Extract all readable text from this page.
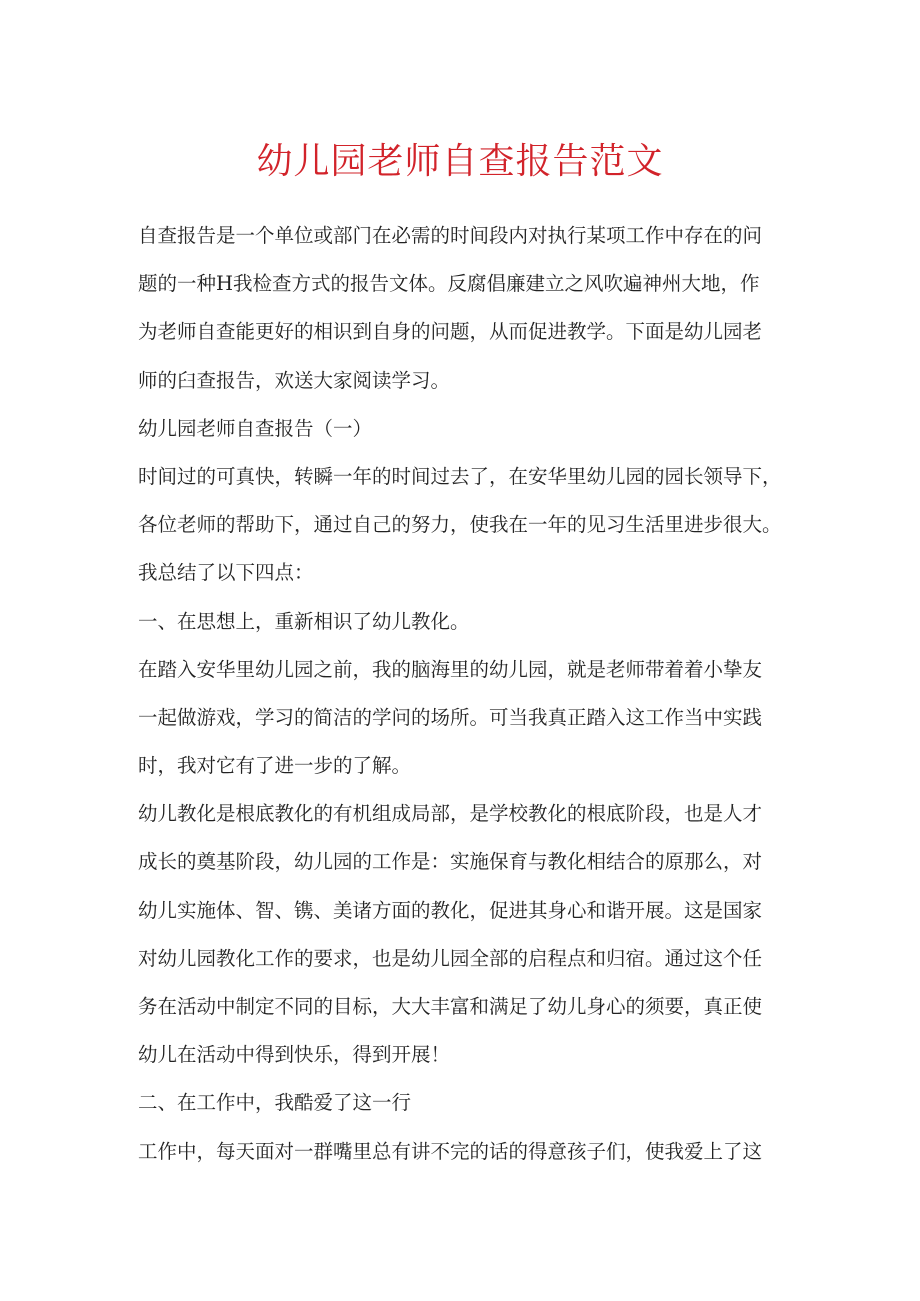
幼儿园老师自查报告范文
自查报告是一个单位或部门在必需的时间段内对执行某项工作中存在的问
题的一种H我检查方式的报告文体。反腐倡廉建立之风吹遍神州大地，作
为老师自查能更好的相识到自身的问题，从而促进教学。下面是幼儿园老
师的臼查报告，欢送大家阅读学习。
幼儿园老师自查报告（一）
时间过的可真快，转瞬一年的时间过去了，在安华里幼儿园的园长领导下，
各位老师的帮助下，通过自己的努力，使我在一年的见习生活里进步很大。
我总结了以下四点：
一、在思想上，重新相识了幼儿教化。
在踏入安华里幼儿园之前，我的脑海里的幼儿园，就是老师带着着小挚友
一起做游戏，学习的简洁的学问的场所。可当我真正踏入这工作当中实践
时，我对它有了进一步的了解。
幼儿教化是根底教化的有机组成局部，是学校教化的根底阶段，也是人才
成长的奠基阶段，幼儿园的工作是：实施保育与教化相结合的原那么，对
幼儿实施体、智、镌、美诸方面的教化，促进其身心和谐开展。这是国家
对幼儿园教化工作的要求，也是幼儿园全部的启程点和归宿。通过这个任
务在活动中制定不同的目标，大大丰富和满足了幼儿身心的须要，真正使
幼儿在活动中得到快乐，得到开展！
二、在工作中，我酷爱了这一行
工作中，每天面对一群嘴里总有讲不完的话的得意孩子们，使我爱上了这
